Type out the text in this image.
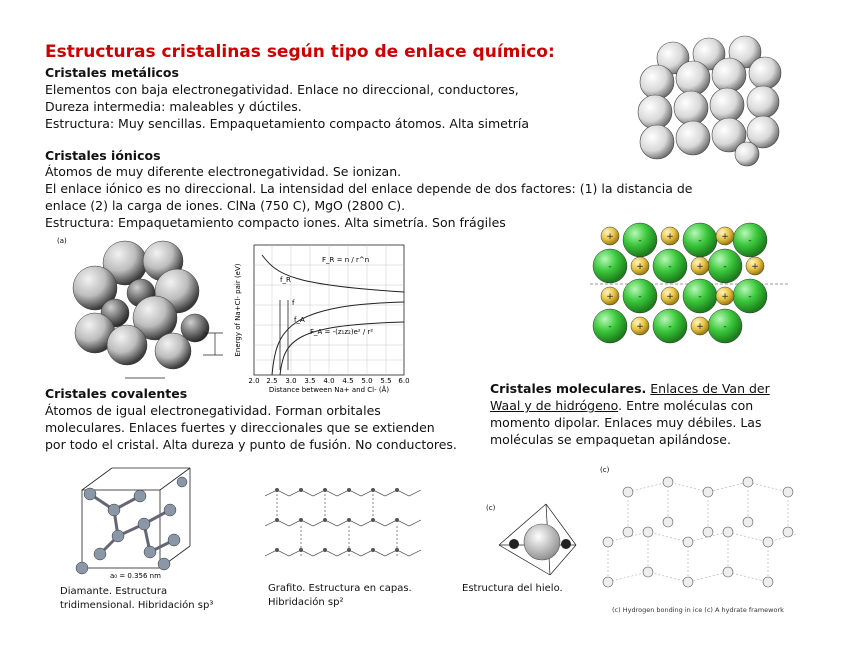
Estructuras cristalinas según tipo de enlace químico:
Cristales metálicos
Elementos con baja electronegatividad. Enlace no direccional, conductores,
Dureza intermedia: maleables y dúctiles.
Estructura: Muy sencillas. Empaquetamiento compacto átomos. Alta simetría
Cristales iónicos
Átomos de muy diferente electronegatividad. Se ionizan.
El enlace iónico es no direccional. La intensidad del enlace depende de dos factores: (1) la distancia de
enlace (2) la carga de iones. ClNa (750 C), MgO (2800 C).
Estructura: Empaquetamiento compacto iones. Alta simetría. Son frágiles
(a)
F_R = n / r^n
F_A = -(z₁z₂)e² / r²
f
f_A
f_R
2.0 2.5 3.0 3.5 4.0 4.5 5.0 5.5 6.0
Distance between Na+ and Cl- (Å)
Energy of Na+Cl- pair (eV)
-	-	-
-	-	-
-	-	-
-	-	-
+	+	+
+	+	+
+	+	+
+	+
Cristales covalentes
Átomos de igual electronegatividad. Forman orbitales
moleculares. Enlaces fuertes y direccionales que se extienden
por todo el cristal. Alta dureza y punto de fusión. No conductores.
Cristales moleculares. Enlaces de Van der
Waal y de hidrógeno. Entre moléculas con
momento dipolar. Enlaces muy débiles. Las
moléculas se empaquetan apilándose.
a₀ = 0.356 nm
Diamante. Estructura
tridimensional. Hibridación sp³
Grafito. Estructura en capas.
Hibridación sp²
(c)
Estructura del hielo.
(c)
(c) Hydrogen bonding in ice (c) A hydrate framework
